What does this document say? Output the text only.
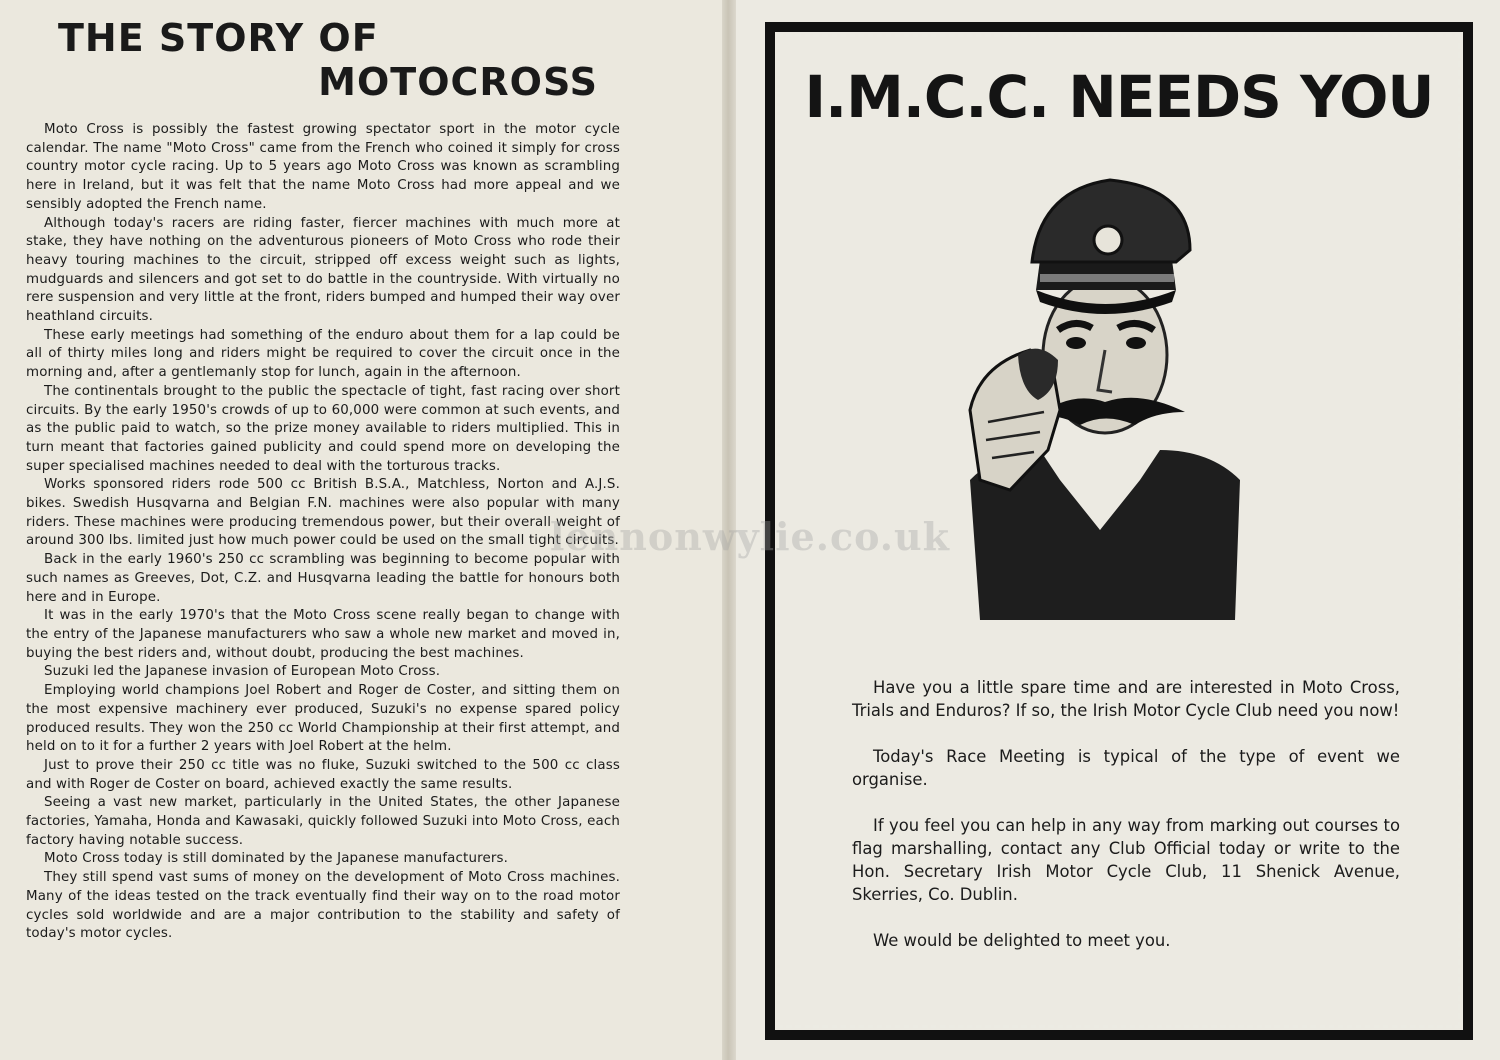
THE STORY OF
MOTOCROSS

Moto Cross is possibly the fastest growing spectator sport in the motor cycle calendar. The name "Moto Cross" came from the French who coined it simply for cross country motor cycle racing. Up to 5 years ago Moto Cross was known as scrambling here in Ireland, but it was felt that the name Moto Cross had more appeal and we sensibly adopted the French name.

Although today's racers are riding faster, fiercer machines with much more at stake, they have nothing on the adventurous pioneers of Moto Cross who rode their heavy touring machines to the circuit, stripped off excess weight such as lights, mudguards and silencers and got set to do battle in the countryside. With virtually no rere suspension and very little at the front, riders bumped and humped their way over heathland circuits.

These early meetings had something of the enduro about them for a lap could be all of thirty miles long and riders might be required to cover the circuit once in the morning and, after a gentlemanly stop for lunch, again in the afternoon.

The continentals brought to the public the spectacle of tight, fast racing over short circuits. By the early 1950's crowds of up to 60,000 were common at such events, and as the public paid to watch, so the prize money available to riders multiplied. This in turn meant that factories gained publicity and could spend more on developing the super specialised machines needed to deal with the torturous tracks.

Works sponsored riders rode 500 cc British B.S.A., Matchless, Norton and A.J.S. bikes. Swedish Husqvarna and Belgian F.N. machines were also popular with many riders. These machines were producing tremendous power, but their overall weight of around 300 lbs. limited just how much power could be used on the small tight circuits.

Back in the early 1960's 250 cc scrambling was beginning to become popular with such names as Greeves, Dot, C.Z. and Husqvarna leading the battle for honours both here and in Europe.

It was in the early 1970's that the Moto Cross scene really began to change with the entry of the Japanese manufacturers who saw a whole new market and moved in, buying the best riders and, without doubt, producing the best machines.

Suzuki led the Japanese invasion of European Moto Cross.

Employing world champions Joel Robert and Roger de Coster, and sitting them on the most expensive machinery ever produced, Suzuki's no expense spared policy produced results. They won the 250 cc World Championship at their first attempt, and held on to it for a further 2 years with Joel Robert at the helm.

Just to prove their 250 cc title was no fluke, Suzuki switched to the 500 cc class and with Roger de Coster on board, achieved exactly the same results.

Seeing a vast new market, particularly in the United States, the other Japanese factories, Yamaha, Honda and Kawasaki, quickly followed Suzuki into Moto Cross, each factory having notable success.

Moto Cross today is still dominated by the Japanese manufacturers.

They still spend vast sums of money on the development of Moto Cross machines. Many of the ideas tested on the track eventually find their way on to the road motor cycles sold worldwide and are a major contribution to the stability and safety of today's motor cycles.

I.M.C.C. NEEDS YOU

Have you a little spare time and are interested in Moto Cross, Trials and Enduros? If so, the Irish Motor Cycle Club need you now!

Today's Race Meeting is typical of the type of event we organise.

If you feel you can help in any way from marking out courses to flag marshalling, contact any Club Official today or write to the Hon. Secretary Irish Motor Cycle Club, 11 Shenick Avenue, Skerries, Co. Dublin.

We would be delighted to meet you.

lennonwylie.co.uk
